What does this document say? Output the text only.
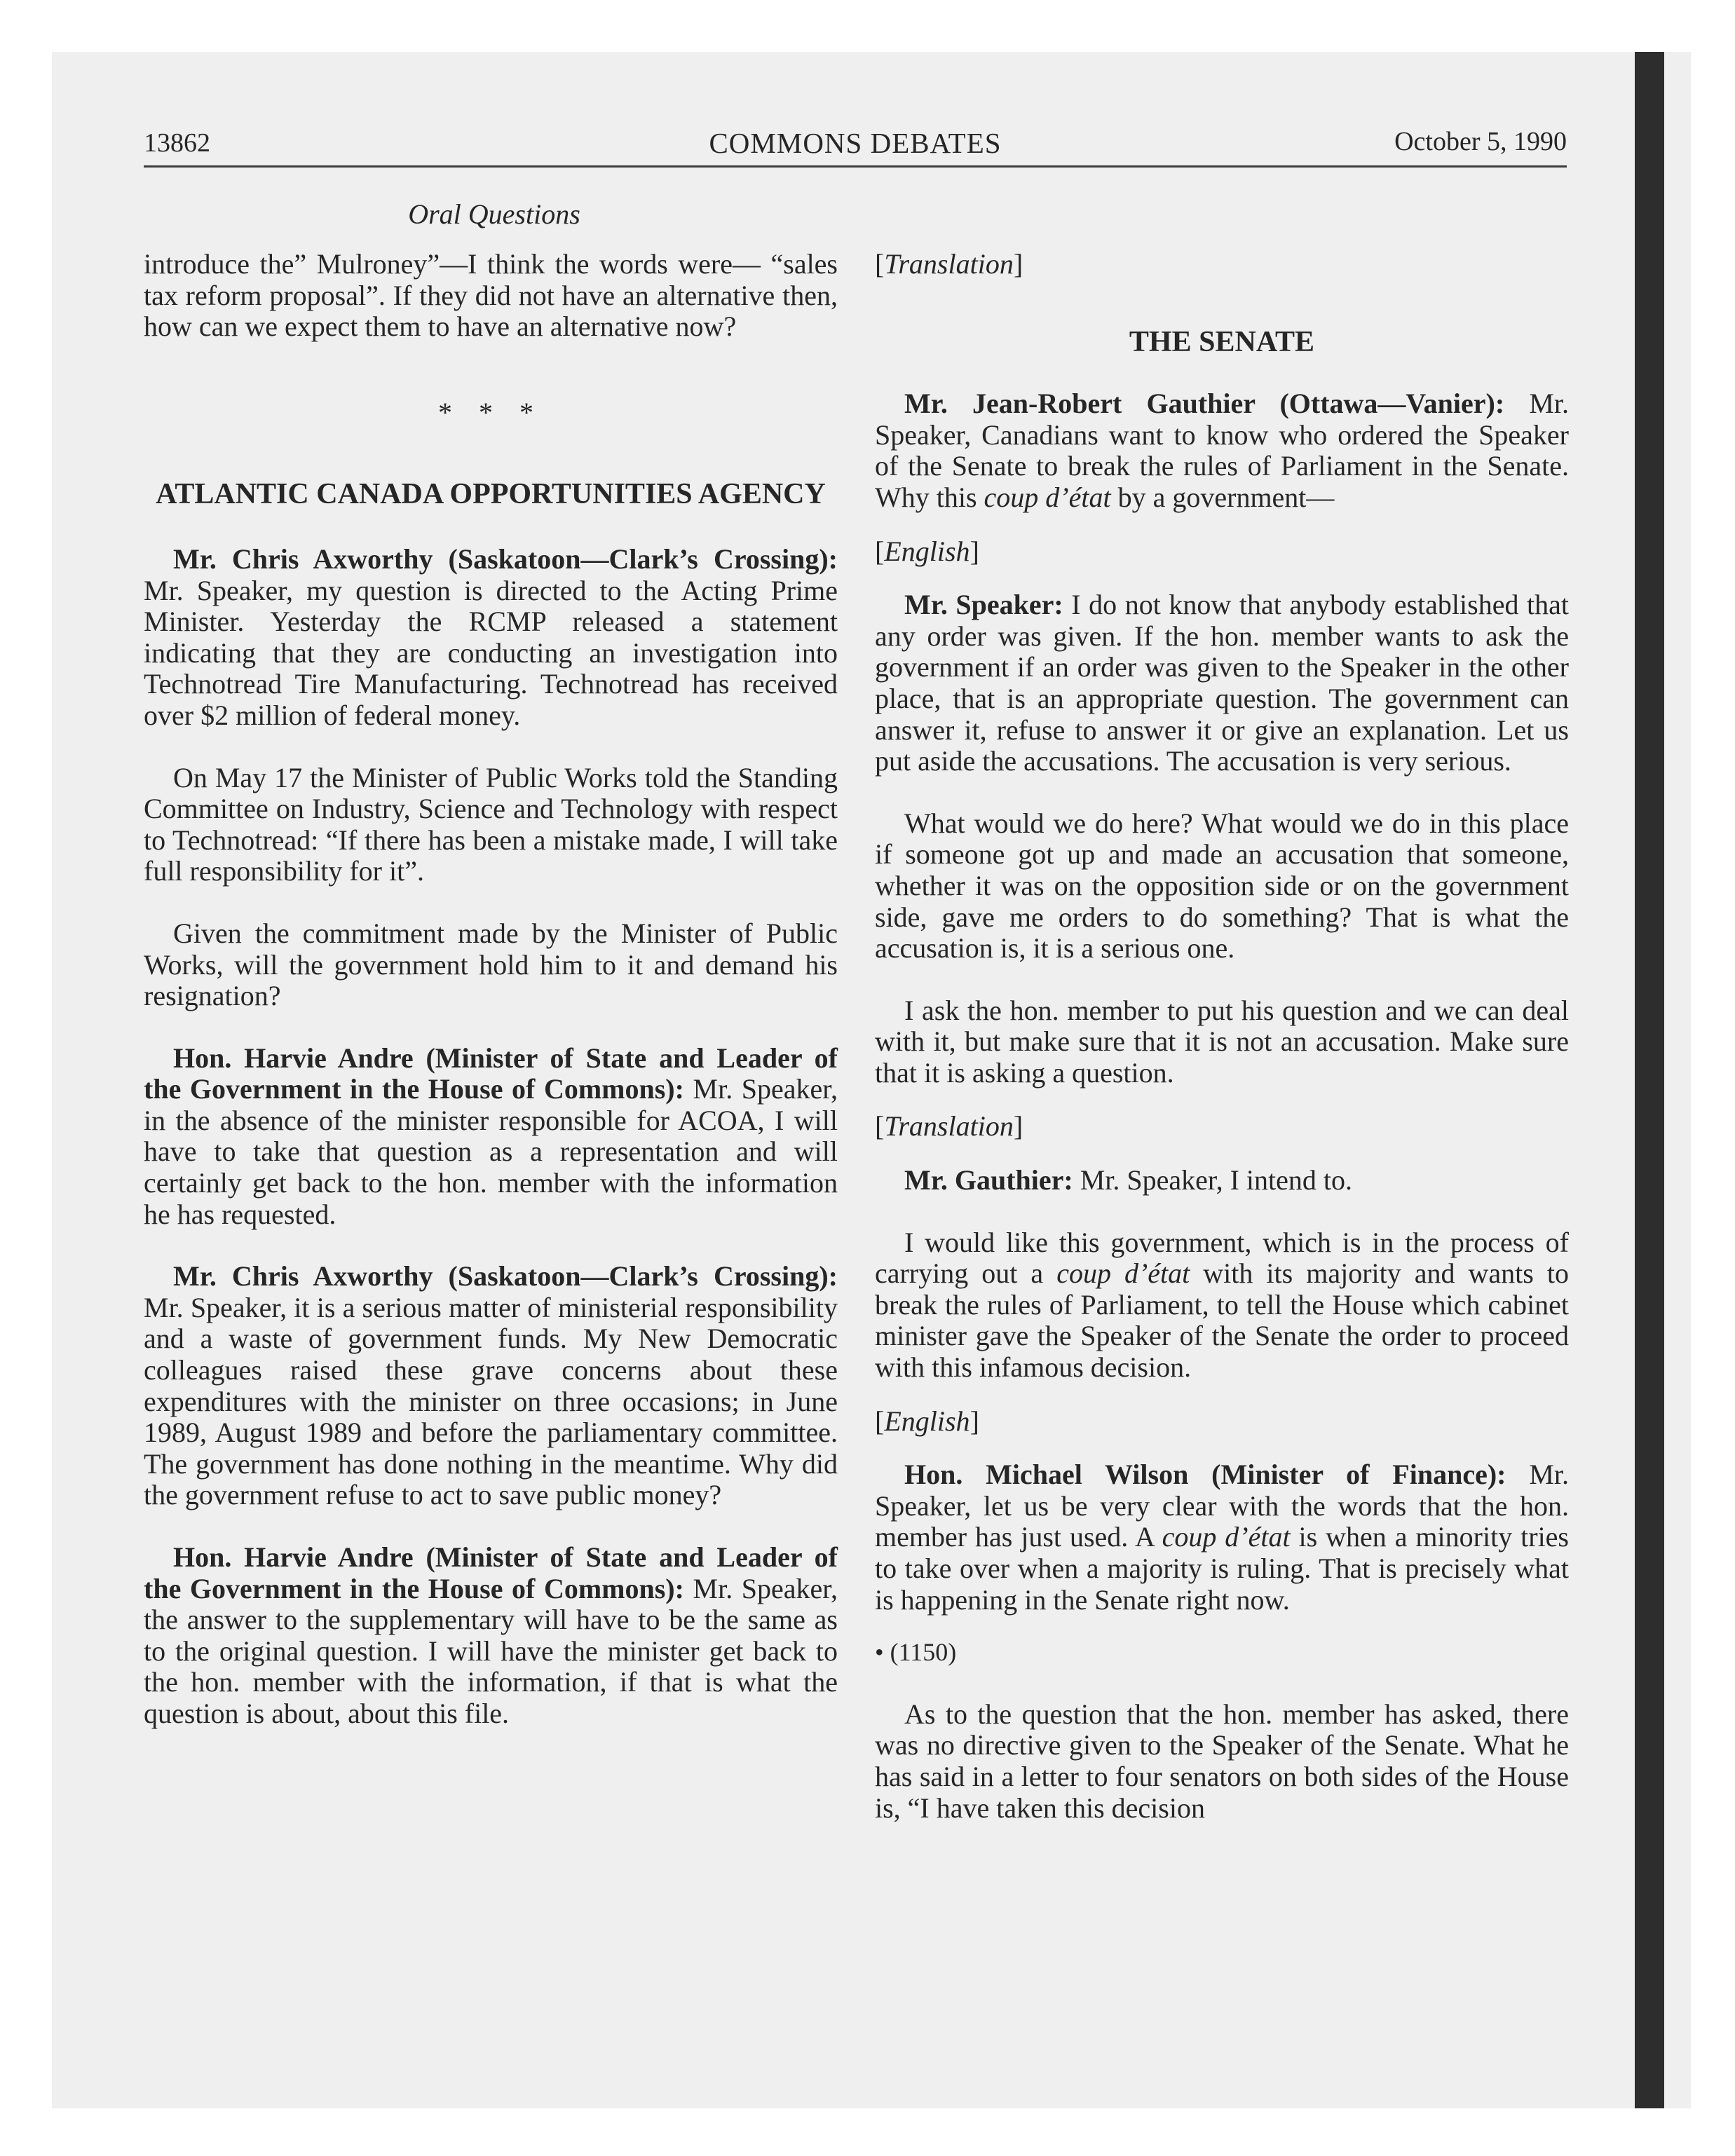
13862	COMMONS DEBATES	October 5, 1990
Oral Questions

introduce the” Mulroney”—I think the words were— “sales tax reform proposal”. If they did not have an alternative then, how can we expect them to have an alternative now?

* * *

ATLANTIC CANADA OPPORTUNITIES AGENCY

Mr. Chris Axworthy (Saskatoon—Clark’s Crossing): Mr. Speaker, my question is directed to the Acting Prime Minister. Yesterday the RCMP released a statement indicating that they are conducting an investigation into Technotread Tire Manufacturing. Technotread has received over $2 million of federal money.

On May 17 the Minister of Public Works told the Standing Committee on Industry, Science and Technology with respect to Technotread: “If there has been a mistake made, I will take full responsibility for it”.

Given the commitment made by the Minister of Public Works, will the government hold him to it and demand his resignation?

Hon. Harvie Andre (Minister of State and Leader of the Government in the House of Commons): Mr. Speaker, in the absence of the minister responsible for ACOA, I will have to take that question as a representation and will certainly get back to the hon. member with the information he has requested.

Mr. Chris Axworthy (Saskatoon—Clark’s Crossing): Mr. Speaker, it is a serious matter of ministerial responsibility and a waste of government funds. My New Democratic colleagues raised these grave concerns about these expenditures with the minister on three occasions; in June 1989, August 1989 and before the parliamentary committee. The government has done nothing in the meantime. Why did the government refuse to act to save public money?

Hon. Harvie Andre (Minister of State and Leader of the Government in the House of Commons): Mr. Speaker, the answer to the supplementary will have to be the same as to the original question. I will have the minister get back to the hon. member with the information, if that is what the question is about, about this file.

[Translation]

THE SENATE

Mr. Jean-Robert Gauthier (Ottawa—Vanier): Mr. Speaker, Canadians want to know who ordered the Speaker of the Senate to break the rules of Parliament in the Senate. Why this coup d’état by a government—

[English]

Mr. Speaker: I do not know that anybody established that any order was given. If the hon. member wants to ask the government if an order was given to the Speaker in the other place, that is an appropriate question. The government can answer it, refuse to answer it or give an explanation. Let us put aside the accusations. The accusation is very serious.

What would we do here? What would we do in this place if someone got up and made an accusation that someone, whether it was on the opposition side or on the government side, gave me orders to do something? That is what the accusation is, it is a serious one.

I ask the hon. member to put his question and we can deal with it, but make sure that it is not an accusation. Make sure that it is asking a question.

[Translation]

Mr. Gauthier: Mr. Speaker, I intend to.

I would like this government, which is in the process of carrying out a coup d’état with its majority and wants to break the rules of Parliament, to tell the House which cabinet minister gave the Speaker of the Senate the order to proceed with this infamous decision.

[English]

Hon. Michael Wilson (Minister of Finance): Mr. Speaker, let us be very clear with the words that the hon. member has just used. A coup d’état is when a minority tries to take over when a majority is ruling. That is precisely what is happening in the Senate right now.

• (1150)

As to the question that the hon. member has asked, there was no directive given to the Speaker of the Senate. What he has said in a letter to four senators on both sides of the House is, “I have taken this decision
